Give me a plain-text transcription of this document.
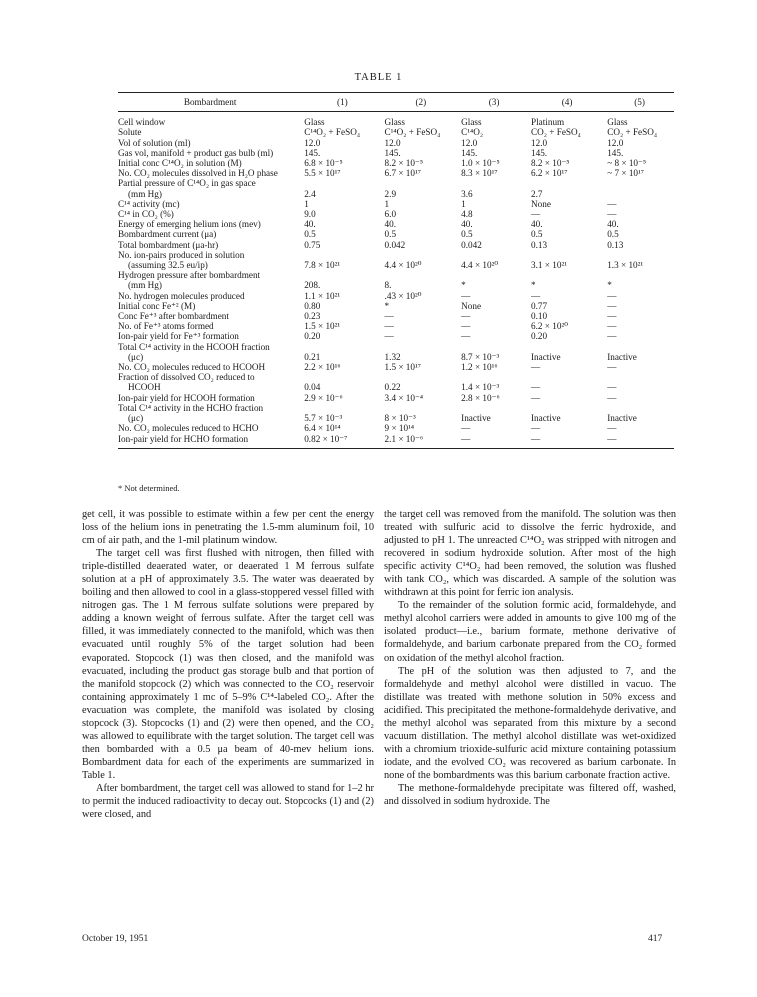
TABLE 1
Bombardment	(1)	(2)	(3)	(4)	(5)
Cell window	Glass	Glass	Glass	Platinum	Glass
Solute	C¹⁴O₂ + FeSO₄	C¹⁴O₂ + FeSO₄	C¹⁴O₂	CO₂ + FeSO₄	CO₂ + FeSO₄
Vol of solution (ml)	12.0	12.0	12.0	12.0	12.0
Gas vol, manifold + product gas bulb (ml)	145.	145.	145.	145.	145.
Initial conc C¹⁴O₂ in solution (M)	6.8 × 10⁻⁵	8.2 × 10⁻⁵	1.0 × 10⁻⁵	8.2 × 10⁻⁵	~ 8 × 10⁻⁵
No. CO₂ molecules dissolved in H₂O phase	5.5 × 10¹⁷	6.7 × 10¹⁷	8.3 × 10¹⁷	6.2 × 10¹⁷	~ 7 × 10¹⁷
Partial pressure of C¹⁴O₂ in gas space					
(mm Hg)	2.4	2.9	3.6	2.7	
C¹⁴ activity (mc)	1	1	1	None	—
C¹⁴ in CO₂ (%)	9.0	6.0	4.8	—	—
Energy of emerging helium ions (mev)	40.	40.	40.	40.	40.
Bombardment current (μa)	0.5	0.5	0.5	0.5	0.5
Total bombardment (μa-hr)	0.75	0.042	0.042	0.13	0.13
No. ion-pairs produced in solution					
(assuming 32.5 eu/ip)	7.8 × 10²¹	4.4 × 10²⁰	4.4 × 10²⁰	3.1 × 10²¹	1.3 × 10²¹
Hydrogen pressure after bombardment					
(mm Hg)	208.	8.	*	*	*
No. hydrogen molecules produced	1.1 × 10²¹	.43 × 10²⁰	—	—	—
Initial conc Fe⁺² (M)	0.80	*	None	0.77	—
Conc Fe⁺³ after bombardment	0.23	—	—	0.10	—
No. of Fe⁺³ atoms formed	1.5 × 10²¹	—	—	6.2 × 10²⁰	—
Ion-pair yield for Fe⁺³ formation	0.20	—	—	0.20	—
Total C¹⁴ activity in the HCOOH fraction					
(μc)	0.21	1.32	8.7 × 10⁻³	Inactive	Inactive
No. CO₂ molecules reduced to HCOOH	2.2 × 10¹⁶	1.5 × 10¹⁷	1.2 × 10¹⁶	—	—
Fraction of dissolved CO₂ reduced to					
HCOOH	0.04	0.22	1.4 × 10⁻³	—	—
Ion-pair yield for HCOOH formation	2.9 × 10⁻⁶	3.4 × 10⁻⁴	2.8 × 10⁻⁶	—	—
Total C¹⁴ activity in the HCHO fraction					
(μc)	5.7 × 10⁻³	8 × 10⁻³	Inactive	Inactive	Inactive
No. CO₂ molecules reduced to HCHO	6.4 × 10¹⁴	9 × 10¹⁴	—	—	—
Ion-pair yield for HCHO formation	0.82 × 10⁻⁷	2.1 × 10⁻⁶	—	—	—
* Not determined.

get cell, it was possible to estimate within a few per cent the energy loss of the helium ions in penetrating the 1.5-mm aluminum foil, 10 cm of air path, and the 1-mil platinum window.

The target cell was first flushed with nitrogen, then filled with triple-distilled deaerated water, or deaerated 1 M ferrous sulfate solution at a pH of approximately 3.5. The water was deaerated by boiling and then allowed to cool in a glass-stoppered vessel filled with nitrogen gas. The 1 M ferrous sulfate solutions were prepared by adding a known weight of ferrous sulfate. After the target cell was filled, it was immediately connected to the manifold, which was then evacuated until roughly 5% of the target solution had been evaporated. Stopcock (1) was then closed, and the manifold was evacuated, including the product gas storage bulb and that portion of the manifold stopcock (2) which was connected to the CO₂ reservoir containing approximately 1 mc of 5–9% C¹⁴-labeled CO₂. After the evacuation was complete, the manifold was isolated by closing stopcock (3). Stopcocks (1) and (2) were then opened, and the CO₂ was allowed to equilibrate with the target solution. The target cell was then bombarded with a 0.5 μa beam of 40-mev helium ions. Bombardment data for each of the experiments are summarized in Table 1.

After bombardment, the target cell was allowed to stand for 1–2 hr to permit the induced radioactivity to decay out. Stopcocks (1) and (2) were closed, and

the target cell was removed from the manifold. The solution was then treated with sulfuric acid to dissolve the ferric hydroxide, and adjusted to pH 1. The unreacted C¹⁴O₂ was stripped with nitrogen and recovered in sodium hydroxide solution. After most of the high specific activity C¹⁴O₂ had been removed, the solution was flushed with tank CO₂, which was discarded. A sample of the solution was withdrawn at this point for ferric ion analysis.

To the remainder of the solution formic acid, formaldehyde, and methyl alcohol carriers were added in amounts to give 100 mg of the isolated product—i.e., barium formate, methone derivative of formaldehyde, and barium carbonate prepared from the CO₂ formed on oxidation of the methyl alcohol fraction.

The pH of the solution was then adjusted to 7, and the formaldehyde and methyl alcohol were distilled in vacuo. The distillate was treated with methone solution in 50% excess and acidified. This precipitated the methone-formaldehyde derivative, and the methyl alcohol was separated from this mixture by a second vacuum distillation. The methyl alcohol distillate was wet-oxidized with a chromium trioxide-sulfuric acid mixture containing potassium iodate, and the evolved CO₂ was recovered as barium carbonate. In none of the bombardments was this barium carbonate fraction active.

The methone-formaldehyde precipitate was filtered off, washed, and dissolved in sodium hydroxide. The

October 19, 1951	417
